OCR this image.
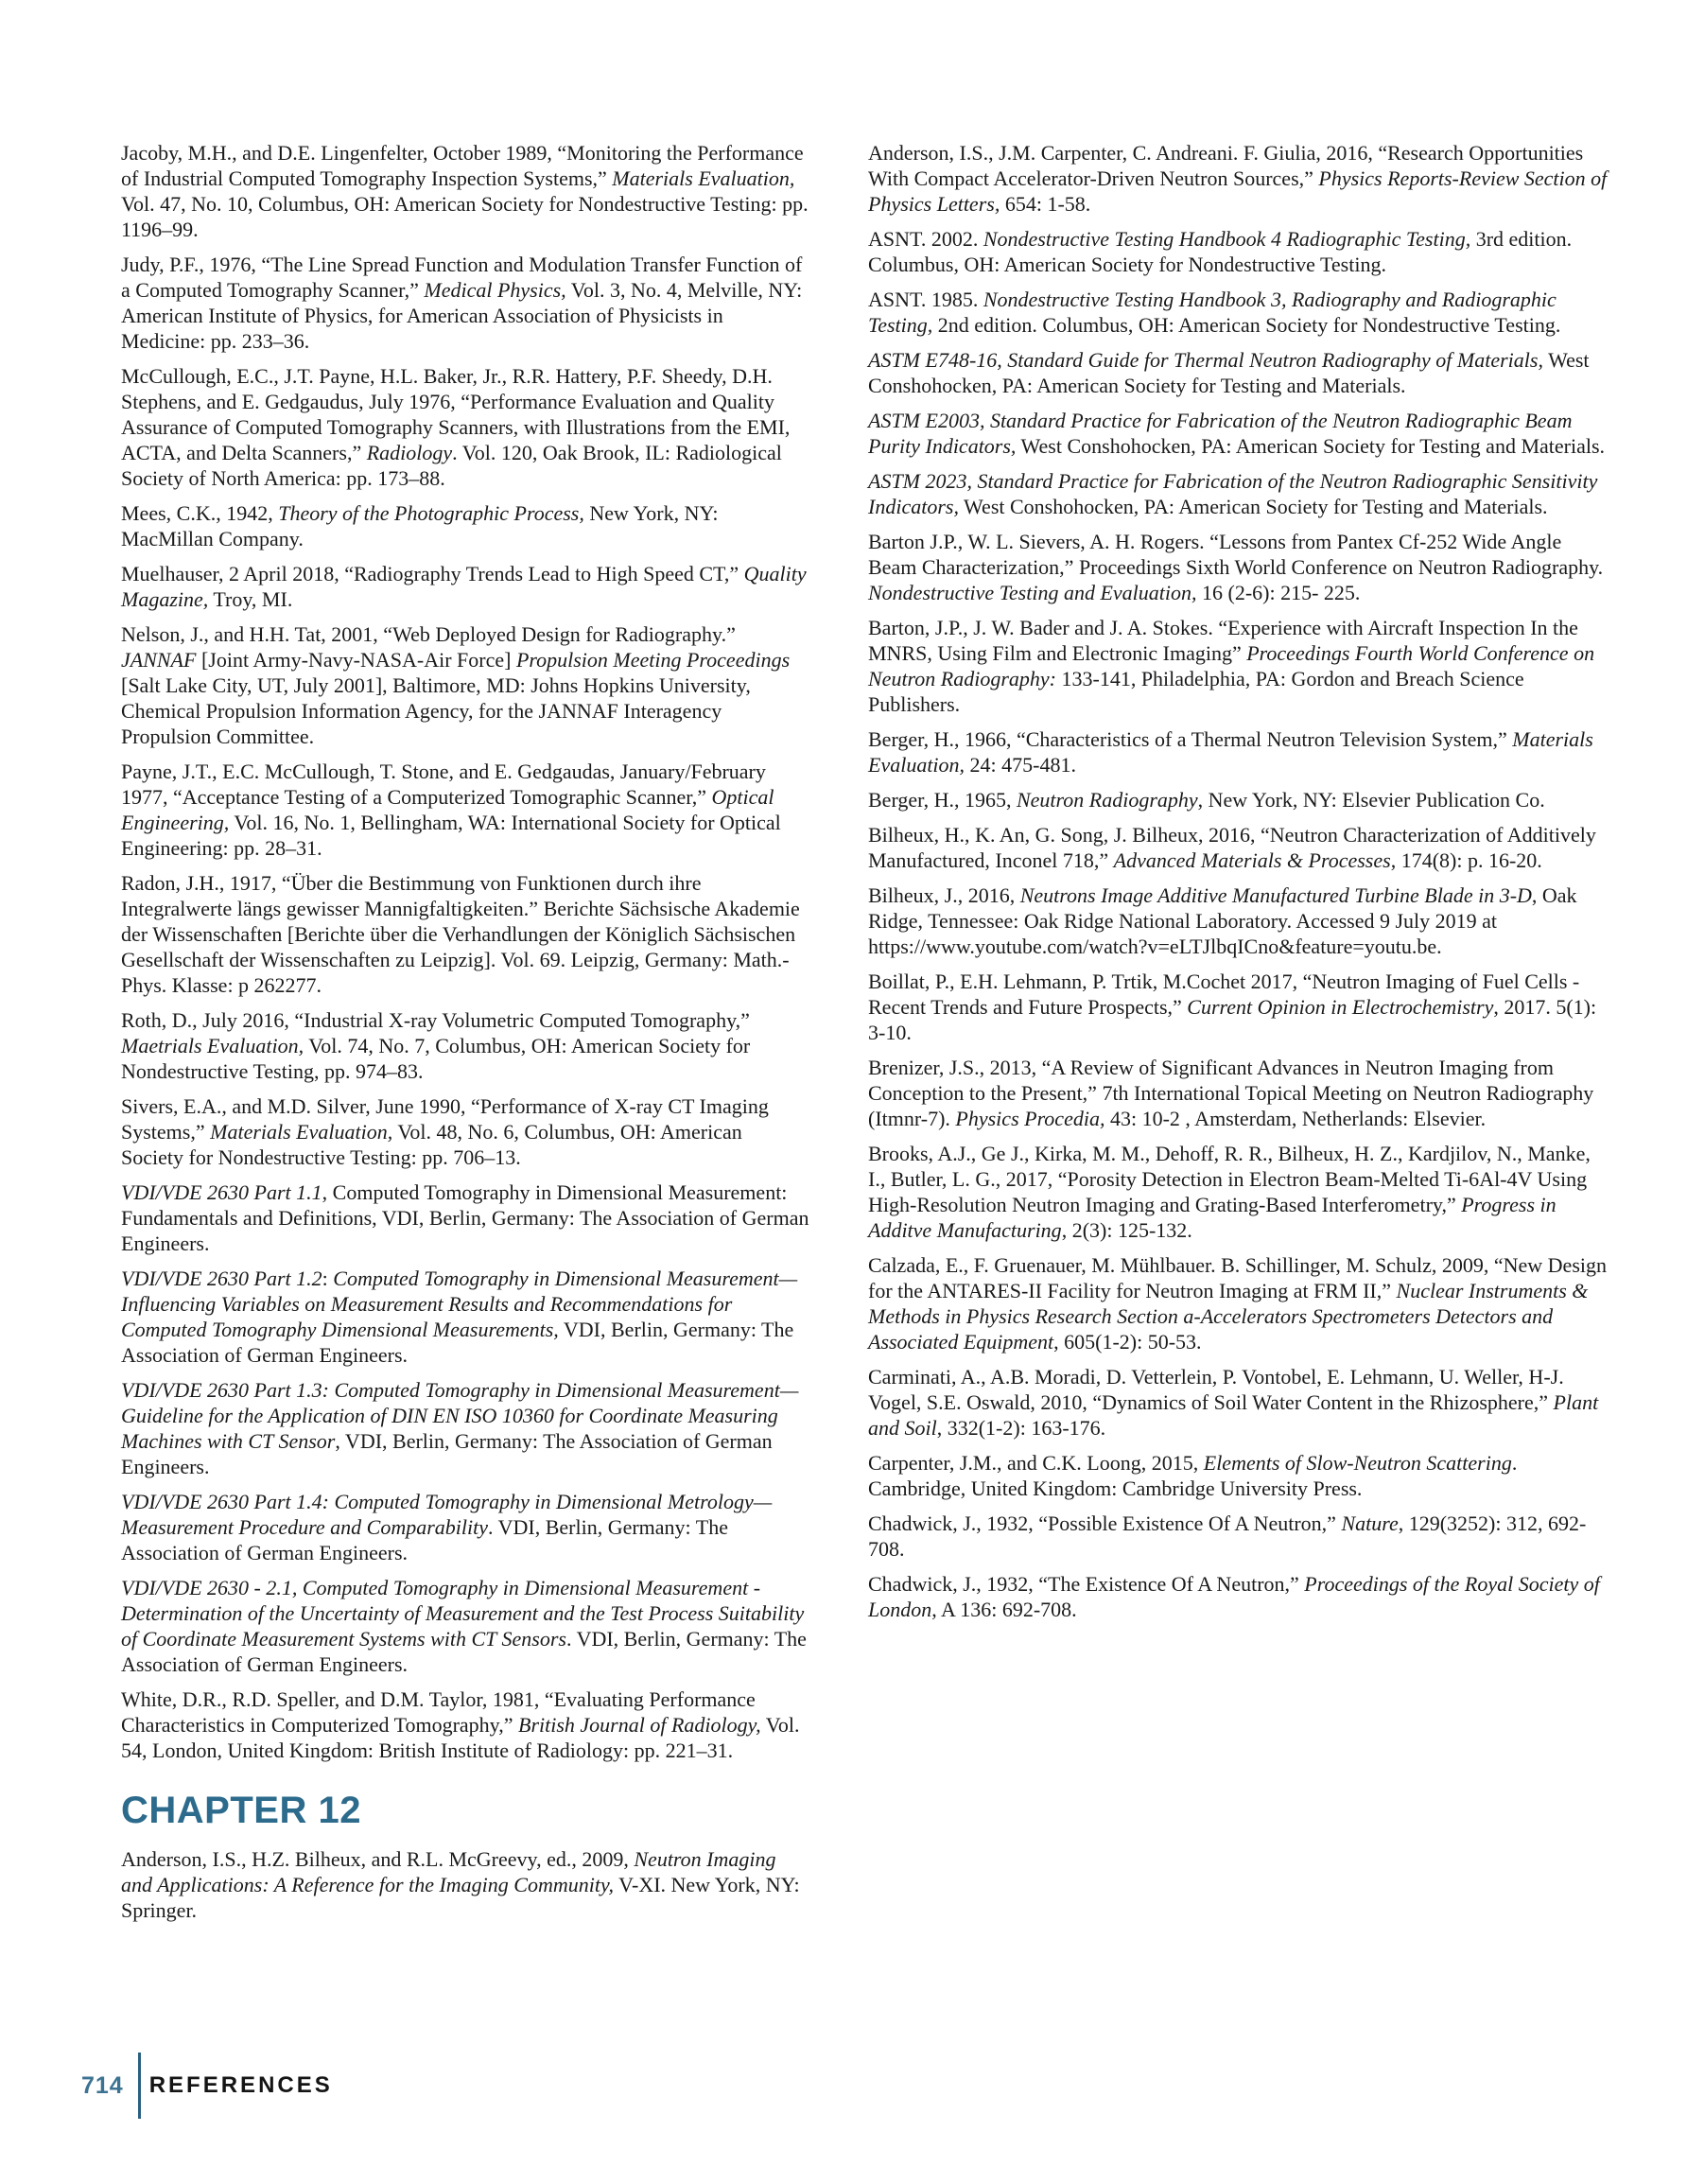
Jacoby, M.H., and D.E. Lingenfelter, October 1989, “Monitoring the Performance of Industrial Computed Tomography Inspection Systems,” Materials Evaluation, Vol. 47, No. 10, Columbus, OH: American Society for Nondestructive Testing: pp. 1196–99.

Judy, P.F., 1976, “The Line Spread Function and Modulation Transfer Function of a Computed Tomography Scanner,” Medical Physics, Vol. 3, No. 4, Melville, NY: American Institute of Physics, for American Association of Physicists in Medicine: pp. 233–36.

McCullough, E.C., J.T. Payne, H.L. Baker, Jr., R.R. Hattery, P.F. Sheedy, D.H. Stephens, and E. Gedgaudus, July 1976, “Performance Evaluation and Quality Assurance of Computed Tomography Scanners, with Illustrations from the EMI, ACTA, and Delta Scanners,” Radiology. Vol. 120, Oak Brook, IL: Radiological Society of North America: pp. 173–88.

Mees, C.K., 1942, Theory of the Photographic Process, New York, NY: MacMillan Company.

Muelhauser, 2 April 2018, “Radiography Trends Lead to High Speed CT,” Quality Magazine, Troy, MI.

Nelson, J., and H.H. Tat, 2001, “Web Deployed Design for Radiography.” JANNAF [Joint Army-Navy-NASA-Air Force] Propulsion Meeting Proceedings [Salt Lake City, UT, July 2001], Baltimore, MD: Johns Hopkins University, Chemical Propulsion Information Agency, for the JANNAF Interagency Propulsion Committee.

Payne, J.T., E.C. McCullough, T. Stone, and E. Gedgaudas, January/February 1977, “Acceptance Testing of a Computerized Tomographic Scanner,” Optical Engineering, Vol. 16, No. 1, Bellingham, WA: International Society for Optical Engineering: pp. 28–31.

Radon, J.H., 1917, “Über die Bestimmung von Funktionen durch ihre Integralwerte längs gewisser Mannigfaltigkeiten.” Berichte Sächsische Akademie der Wissenschaften [Berichte über die Verhandlungen der Königlich Sächsischen Gesellschaft der Wissenschaften zu Leipzig]. Vol. 69. Leipzig, Germany: Math.-Phys. Klasse: p 262277.

Roth, D., July 2016, “Industrial X-ray Volumetric Computed Tomography,” Maetrials Evaluation, Vol. 74, No. 7, Columbus, OH: American Society for Nondestructive Testing, pp. 974–83.

Sivers, E.A., and M.D. Silver, June 1990, “Performance of X-ray CT Imaging Systems,” Materials Evaluation, Vol. 48, No. 6, Columbus, OH: American Society for Nondestructive Testing: pp. 706–13.

VDI/VDE 2630 Part 1.1, Computed Tomography in Dimensional Measurement: Fundamentals and Definitions, VDI, Berlin, Germany: The Association of German Engineers.

VDI/VDE 2630 Part 1.2: Computed Tomography in Dimensional Measurement—Influencing Variables on Measurement Results and Recommendations for Computed Tomography Dimensional Measurements, VDI, Berlin, Germany: The Association of German Engineers.

VDI/VDE 2630 Part 1.3: Computed Tomography in Dimensional Measurement—Guideline for the Application of DIN EN ISO 10360 for Coordinate Measuring Machines with CT Sensor, VDI, Berlin, Germany: The Association of German Engineers.

VDI/VDE 2630 Part 1.4: Computed Tomography in Dimensional Metrology—Measurement Procedure and Comparability. VDI, Berlin, Germany: The Association of German Engineers.

VDI/VDE 2630 - 2.1, Computed Tomography in Dimensional Measurement - Determination of the Uncertainty of Measurement and the Test Process Suitability of Coordinate Measurement Systems with CT Sensors. VDI, Berlin, Germany: The Association of German Engineers.

White, D.R., R.D. Speller, and D.M. Taylor, 1981, “Evaluating Performance Characteristics in Computerized Tomography,” British Journal of Radiology, Vol. 54, London, United Kingdom: British Institute of Radiology: pp. 221–31.

CHAPTER 12

Anderson, I.S., H.Z. Bilheux, and R.L. McGreevy, ed., 2009, Neutron Imaging and Applications: A Reference for the Imaging Community, V-XI. New York, NY: Springer.

Anderson, I.S., J.M. Carpenter, C. Andreani. F. Giulia, 2016, “Research Opportunities With Compact Accelerator-Driven Neutron Sources,” Physics Reports-Review Section of Physics Letters, 654: 1-58.

ASNT. 2002. Nondestructive Testing Handbook 4 Radiographic Testing, 3rd edition. Columbus, OH: American Society for Nondestructive Testing.

ASNT. 1985. Nondestructive Testing Handbook 3, Radiography and Radiographic Testing, 2nd edition. Columbus, OH: American Society for Nondestructive Testing.

ASTM E748-16, Standard Guide for Thermal Neutron Radiography of Materials, West Conshohocken, PA: American Society for Testing and Materials.

ASTM E2003, Standard Practice for Fabrication of the Neutron Radiographic Beam Purity Indicators, West Conshohocken, PA: American Society for Testing and Materials.

ASTM 2023, Standard Practice for Fabrication of the Neutron Radiographic Sensitivity Indicators, West Conshohocken, PA: American Society for Testing and Materials.

Barton J.P., W. L. Sievers, A. H. Rogers. “Lessons from Pantex Cf-252 Wide Angle Beam Characterization,” Proceedings Sixth World Conference on Neutron Radiography. Nondestructive Testing and Evaluation, 16 (2-6): 215- 225.

Barton, J.P., J. W. Bader and J. A. Stokes. “Experience with Aircraft Inspection In the MNRS, Using Film and Electronic Imaging” Proceedings Fourth World Conference on Neutron Radiography: 133-141, Philadelphia, PA: Gordon and Breach Science Publishers.

Berger, H., 1966, “Characteristics of a Thermal Neutron Television System,” Materials Evaluation, 24: 475-481.

Berger, H., 1965, Neutron Radiography, New York, NY: Elsevier Publication Co.

Bilheux, H., K. An, G. Song, J. Bilheux, 2016, “Neutron Characterization of Additively Manufactured, Inconel 718,” Advanced Materials & Processes, 174(8): p. 16-20.

Bilheux, J., 2016, Neutrons Image Additive Manufactured Turbine Blade in 3-D, Oak Ridge, Tennessee: Oak Ridge National Laboratory. Accessed 9 July 2019 at https://www.youtube.com/watch?v=eLTJlbqICno&feature=youtu.be.

Boillat, P., E.H. Lehmann, P. Trtik, M.Cochet 2017, “Neutron Imaging of Fuel Cells - Recent Trends and Future Prospects,” Current Opinion in Electrochemistry, 2017. 5(1): 3-10.

Brenizer, J.S., 2013, “A Review of Significant Advances in Neutron Imaging from Conception to the Present,” 7th International Topical Meeting on Neutron Radiography (Itmnr-7). Physics Procedia, 43: 10-2 , Amsterdam, Netherlands: Elsevier.

Brooks, A.J., Ge J., Kirka, M. M., Dehoff, R. R., Bilheux, H. Z., Kardjilov, N., Manke, I., Butler, L. G., 2017, “Porosity Detection in Electron Beam-Melted Ti-6Al-4V Using High-Resolution Neutron Imaging and Grating-Based Interferometry,” Progress in Additve Manufacturing, 2(3): 125-132.

Calzada, E., F. Gruenauer, M. Mühlbauer. B. Schillinger, M. Schulz, 2009, “New Design for the ANTARES-II Facility for Neutron Imaging at FRM II,” Nuclear Instruments & Methods in Physics Research Section a-Accelerators Spectrometers Detectors and Associated Equipment, 605(1-2): 50-53.

Carminati, A., A.B. Moradi, D. Vetterlein, P. Vontobel, E. Lehmann, U. Weller, H-J. Vogel, S.E. Oswald, 2010, “Dynamics of Soil Water Content in the Rhizosphere,” Plant and Soil, 332(1-2): 163-176.

Carpenter, J.M., and C.K. Loong, 2015, Elements of Slow-Neutron Scattering. Cambridge, United Kingdom: Cambridge University Press.

Chadwick, J., 1932, “Possible Existence Of A Neutron,” Nature, 129(3252): 312, 692-708.

Chadwick, J., 1932, “The Existence Of A Neutron,” Proceedings of the Royal Society of London, A 136: 692-708.

714 REFERENCES
